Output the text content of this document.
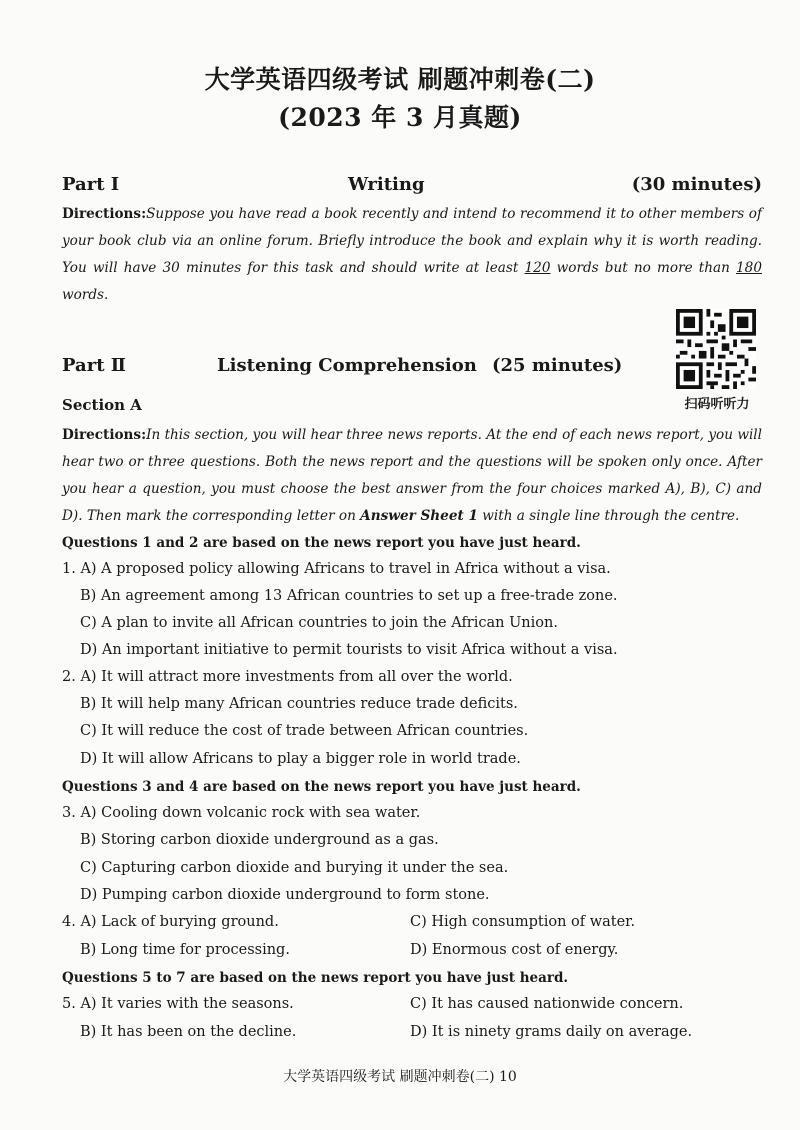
大学英语四级考试 刷题冲刺卷(二)
(2023 年 3 月真题)
Part Ⅰ	Writing	(30 minutes)
Directions:Suppose you have read a book recently and intend to recommend it to other members of your book club via an online forum. Briefly introduce the book and explain why it is worth reading. You will have 30 minutes for this task and should write at least 120 words but no more than 180 words.
Part Ⅱ	Listening Comprehension (25 minutes)
扫码听听力
Section A
Directions:In this section, you will hear three news reports. At the end of each news report, you will hear two or three questions. Both the news report and the questions will be spoken only once. After you hear a question, you must choose the best answer from the four choices marked A), B), C) and D). Then mark the corresponding letter on Answer Sheet 1 with a single line through the centre.
Questions 1 and 2 are based on the news report you have just heard.
1. A) A proposed policy allowing Africans to travel in Africa without a visa.
B) An agreement among 13 African countries to set up a free-trade zone.
C) A plan to invite all African countries to join the African Union.
D) An important initiative to permit tourists to visit Africa without a visa.
2. A) It will attract more investments from all over the world.
B) It will help many African countries reduce trade deficits.
C) It will reduce the cost of trade between African countries.
D) It will allow Africans to play a bigger role in world trade.
Questions 3 and 4 are based on the news report you have just heard.
3. A) Cooling down volcanic rock with sea water.
B) Storing carbon dioxide underground as a gas.
C) Capturing carbon dioxide and burying it under the sea.
D) Pumping carbon dioxide underground to form stone.
4. A) Lack of burying ground.	C) High consumption of water.
B) Long time for processing.	D) Enormous cost of energy.
Questions 5 to 7 are based on the news report you have just heard.
5. A) It varies with the seasons.	C) It has caused nationwide concern.
B) It has been on the decline.	D) It is ninety grams daily on average.
大学英语四级考试 刷题冲刺卷(二) 10
